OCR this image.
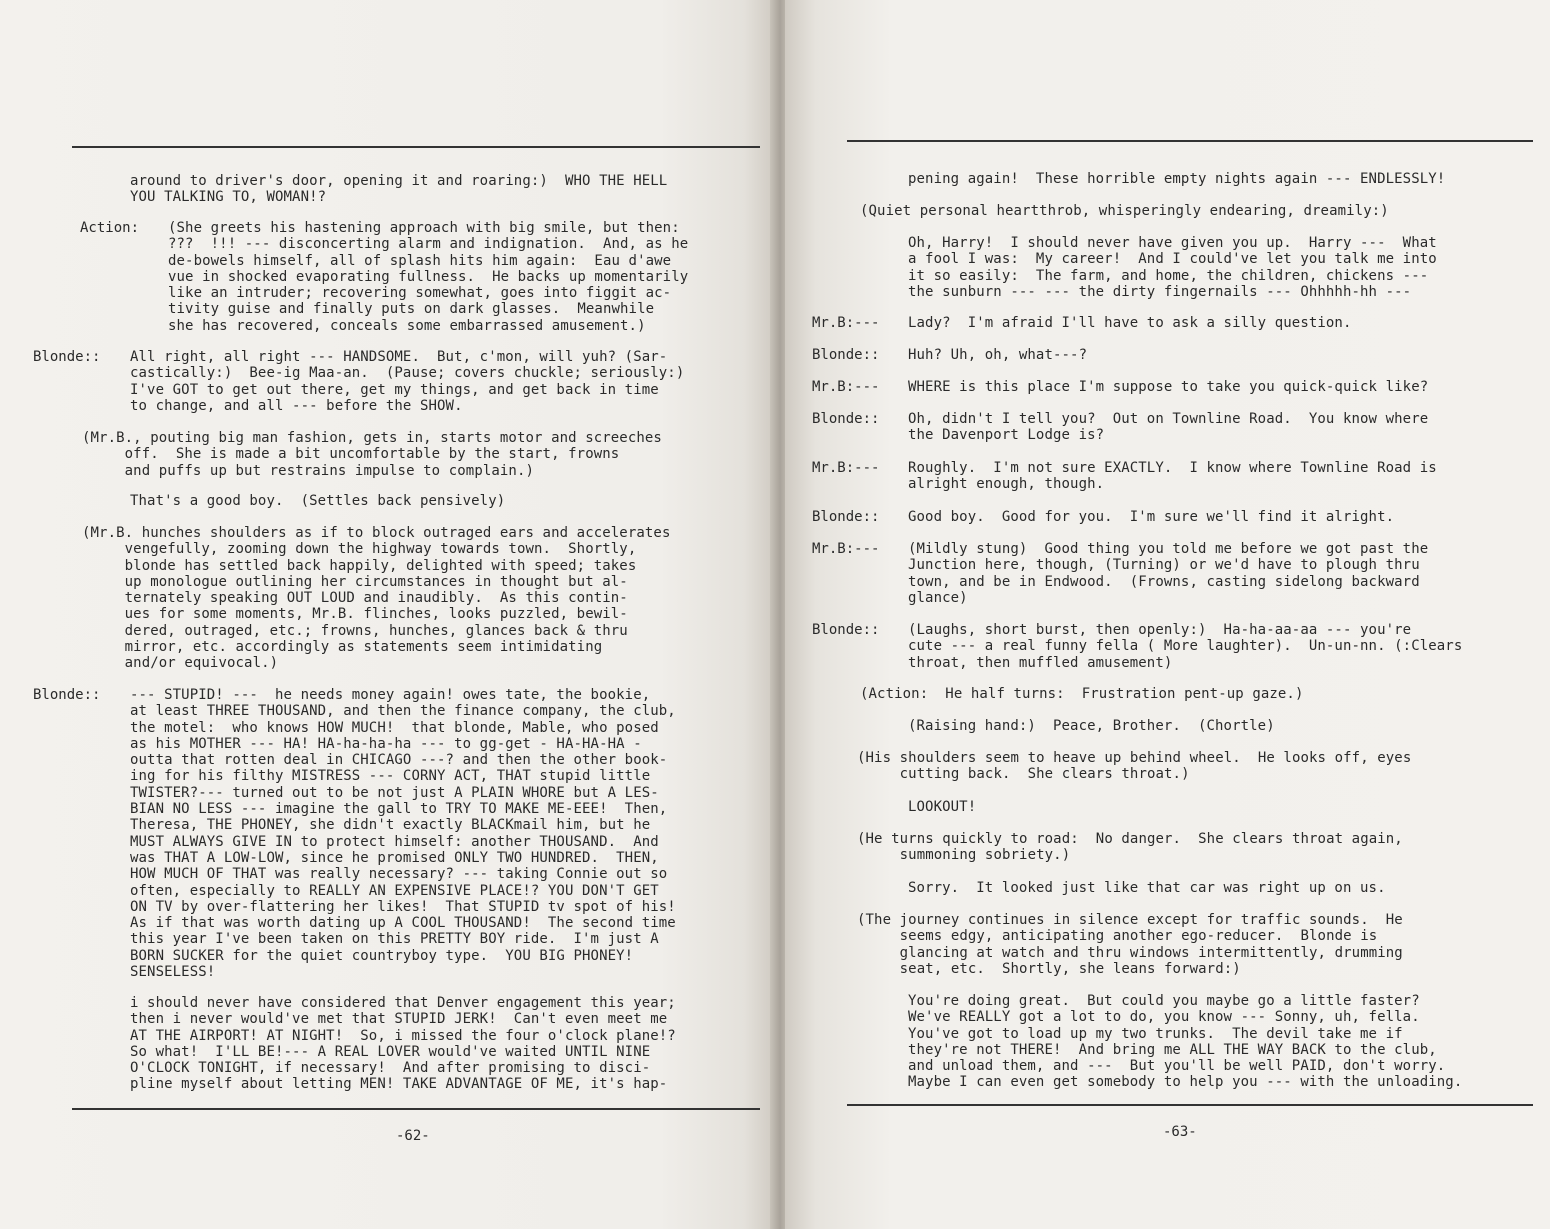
around to driver's door, opening it and roaring:)  WHO THE HELL
YOU TALKING TO, WOMAN!?
Action: (She greets his hastening approach with big smile, but then:
???  !!! --- disconcerting alarm and indignation.  And, as he
de-bowels himself, all of splash hits him again:  Eau d'awe
vue in shocked evaporating fullness.  He backs up momentarily
like an intruder; recovering somewhat, goes into figgit ac-
tivity guise and finally puts on dark glasses.  Meanwhile
she has recovered, conceals some embarrassed amusement.)
Blonde:: All right, all right --- HANDSOME.  But, c'mon, will yuh? (Sar-
castically:)  Bee-ig Maa-an.  (Pause; covers chuckle; seriously:)
I've GOT to get out there, get my things, and get back in time
to change, and all --- before the SHOW.
(Mr.B., pouting big man fashion, gets in, starts motor and screeches
off.  She is made a bit uncomfortable by the start, frowns
and puffs up but restrains impulse to complain.)
That's a good boy.  (Settles back pensively)
(Mr.B. hunches shoulders as if to block outraged ears and accelerates
vengefully, zooming down the highway towards town.  Shortly,
blonde has settled back happily, delighted with speed; takes
up monologue outlining her circumstances in thought but al-
ternately speaking OUT LOUD and inaudibly.  As this contin-
ues for some moments, Mr.B. flinches, looks puzzled, bewil-
dered, outraged, etc.; frowns, hunches, glances back & thru
mirror, etc. accordingly as statements seem intimidating
and/or equivocal.)
Blonde:: --- STUPID! ---  he needs money again! owes tate, the bookie,
at least THREE THOUSAND, and then the finance company, the club,
the motel:  who knows HOW MUCH!  that blonde, Mable, who posed
as his MOTHER --- HA! HA-ha-ha-ha --- to gg-get - HA-HA-HA -
outta that rotten deal in CHICAGO ---? and then the other book-
ing for his filthy MISTRESS --- CORNY ACT, THAT stupid little
TWISTER?--- turned out to be not just A PLAIN WHORE but A LES-
BIAN NO LESS --- imagine the gall to TRY TO MAKE ME-EEE!  Then,
Theresa, THE PHONEY, she didn't exactly BLACKmail him, but he
MUST ALWAYS GIVE IN to protect himself: another THOUSAND.  And
was THAT A LOW-LOW, since he promised ONLY TWO HUNDRED.  THEN,
HOW MUCH OF THAT was really necessary? --- taking Connie out so
often, especially to REALLY AN EXPENSIVE PLACE!? YOU DON'T GET
ON TV by over-flattering her likes!  That STUPID tv spot of his!
As if that was worth dating up A COOL THOUSAND!  The second time
this year I've been taken on this PRETTY BOY ride.  I'm just A
BORN SUCKER for the quiet countryboy type.  YOU BIG PHONEY!
SENSELESS!
i should never have considered that Denver engagement this year;
then i never would've met that STUPID JERK!  Can't even meet me
AT THE AIRPORT! AT NIGHT!  So, i missed the four o'clock plane!?
So what!  I'LL BE!--- A REAL LOVER would've waited UNTIL NINE
O'CLOCK TONIGHT, if necessary!  And after promising to disci-
pline myself about letting MEN! TAKE ADVANTAGE OF ME, it's hap-
-62-
pening again!  These horrible empty nights again --- ENDLESSLY!
(Quiet personal heartthrob, whisperingly endearing, dreamily:)
Oh, Harry!  I should never have given you up.  Harry ---  What
a fool I was:  My career!  And I could've let you talk me into
it so easily:  The farm, and home, the children, chickens ---
the sunburn --- --- the dirty fingernails --- Ohhhhh-hh ---
Mr.B:--- Lady?  I'm afraid I'll have to ask a silly question.
Blonde:: Huh? Uh, oh, what---?
Mr.B:--- WHERE is this place I'm suppose to take you quick-quick like?
Blonde:: Oh, didn't I tell you?  Out on Townline Road.  You know where
the Davenport Lodge is?
Mr.B:--- Roughly.  I'm not sure EXACTLY.  I know where Townline Road is
alright enough, though.
Blonde:: Good boy.  Good for you.  I'm sure we'll find it alright.
Mr.B:--- (Mildly stung)  Good thing you told me before we got past the
Junction here, though, (Turning) or we'd have to plough thru
town, and be in Endwood.  (Frowns, casting sidelong backward
glance)
Blonde:: (Laughs, short burst, then openly:)  Ha-ha-aa-aa --- you're
cute --- a real funny fella ( More laughter).  Un-un-nn. (:Clears
throat, then muffled amusement)
(Action:  He half turns:  Frustration pent-up gaze.)
(Raising hand:)  Peace, Brother.  (Chortle)
(His shoulders seem to heave up behind wheel.  He looks off, eyes
cutting back.  She clears throat.)
LOOKOUT!
(He turns quickly to road:  No danger.  She clears throat again,
summoning sobriety.)
Sorry.  It looked just like that car was right up on us.
(The journey continues in silence except for traffic sounds.  He
seems edgy, anticipating another ego-reducer.  Blonde is
glancing at watch and thru windows intermittently, drumming
seat, etc.  Shortly, she leans forward:)
You're doing great.  But could you maybe go a little faster?
We've REALLY got a lot to do, you know --- Sonny, uh, fella.
You've got to load up my two trunks.  The devil take me if
they're not THERE!  And bring me ALL THE WAY BACK to the club,
and unload them, and ---  But you'll be well PAID, don't worry.
Maybe I can even get somebody to help you --- with the unloading.
-63-
